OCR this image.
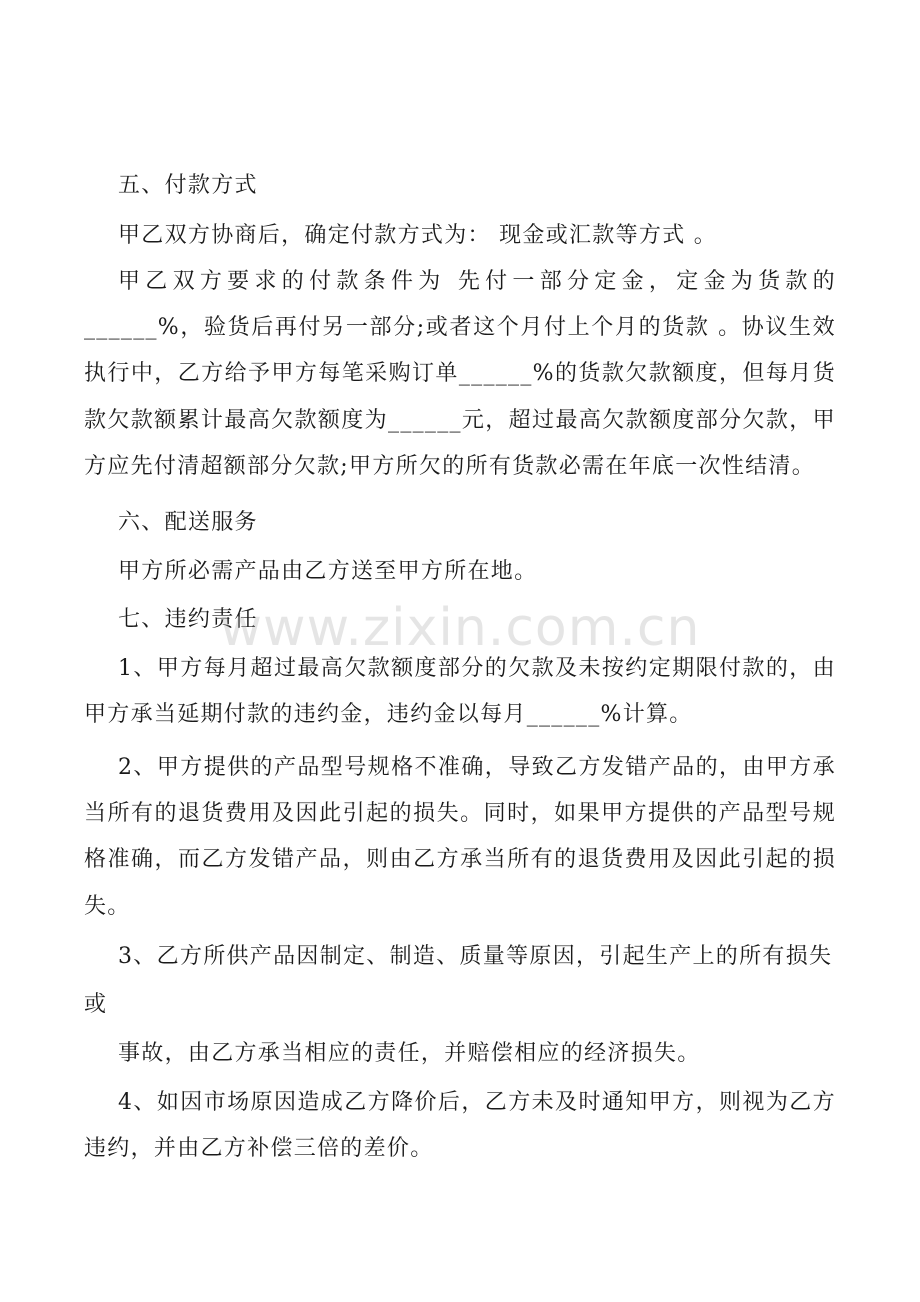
五、付款方式

甲乙双方协商后，确定付款方式为： 现金或汇款等方式 。

甲乙双方要求的付款条件为 先付一部分定金，定金为货款的 ______%，验货后再付另一部分;或者这个月付上个月的货款 。协议生效执行中，乙方给予甲方每笔采购订单______%的货款欠款额度，但每月货款欠款额累计最高欠款额度为______元，超过最高欠款额度部分欠款，甲方应先付清超额部分欠款;甲方所欠的所有货款必需在年底一次性结清。

六、配送服务

甲方所必需产品由乙方送至甲方所在地。

七、违约责任

1、甲方每月超过最高欠款额度部分的欠款及未按约定期限付款的，由甲方承当延期付款的违约金，违约金以每月______%计算。

2、甲方提供的产品型号规格不准确，导致乙方发错产品的，由甲方承当所有的退货费用及因此引起的损失。同时，如果甲方提供的产品型号规格准确，而乙方发错产品，则由乙方承当所有的退货费用及因此引起的损失。

3、乙方所供产品因制定、制造、质量等原因，引起生产上的所有损失

或

事故，由乙方承当相应的责任，并赔偿相应的经济损失。

4、如因市场原因造成乙方降价后，乙方未及时通知甲方，则视为乙方违约，并由乙方补偿三倍的差价。

www.zixin.com.cn
